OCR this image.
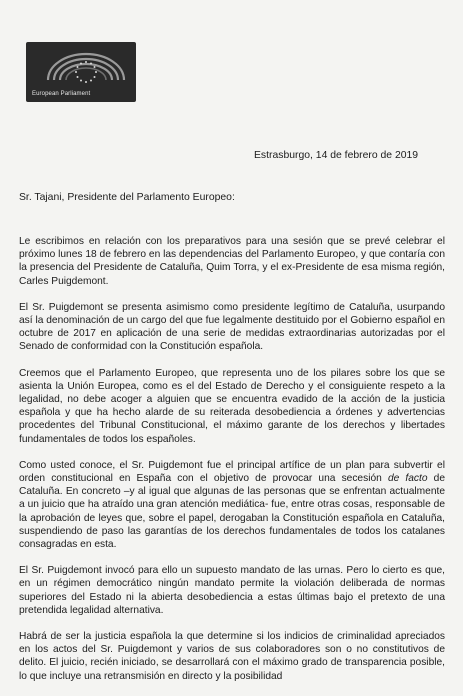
European Parliament
Estrasburgo, 14 de febrero de 2019
Sr. Tajani, Presidente del Parlamento Europeo:

Le escribimos en relación con los preparativos para una sesión que se prevé celebrar el próximo lunes 18 de febrero en las dependencias del Parlamento Europeo, y que contaría con la presencia del Presidente de Cataluña, Quim Torra, y el ex-Presidente de esa misma región, Carles Puigdemont.

El Sr. Puigdemont se presenta asimismo como presidente legítimo de Cataluña, usurpando así la denominación de un cargo del que fue legalmente destituido por el Gobierno español en octubre de 2017 en aplicación de una serie de medidas extraordinarias autorizadas por el Senado de conformidad con la Constitución española.

Creemos que el Parlamento Europeo, que representa uno de los pilares sobre los que se asienta la Unión Europea, como es el del Estado de Derecho y el consiguiente respeto a la legalidad, no debe acoger a alguien que se encuentra evadido de la acción de la justicia española y que ha hecho alarde de su reiterada desobediencia a órdenes y advertencias procedentes del Tribunal Constitucional, el máximo garante de los derechos y libertades fundamentales de todos los españoles.

Como usted conoce, el Sr. Puigdemont fue el principal artífice de un plan para subvertir el orden constitucional en España con el objetivo de provocar una secesión de facto de Cataluña. En concreto –y al igual que algunas de las personas que se enfrentan actualmente a un juicio que ha atraído una gran atención mediática- fue, entre otras cosas, responsable de la aprobación de leyes que, sobre el papel, derogaban la Constitución española en Cataluña, suspendiendo de paso las garantías de los derechos fundamentales de todos los catalanes consagradas en esta.

El Sr. Puigdemont invocó para ello un supuesto mandato de las urnas. Pero lo cierto es que, en un régimen democrático ningún mandato permite la violación deliberada de normas superiores del Estado ni la abierta desobediencia a estas últimas bajo el pretexto de una pretendida legalidad alternativa.

Habrá de ser la justicia española la que determine si los indicios de criminalidad apreciados en los actos del Sr. Puigdemont y varios de sus colaboradores son o no constitutivos de delito. El juicio, recién iniciado, se desarrollará con el máximo grado de transparencia posible, lo que incluye una retransmisión en directo y la posibilidad
